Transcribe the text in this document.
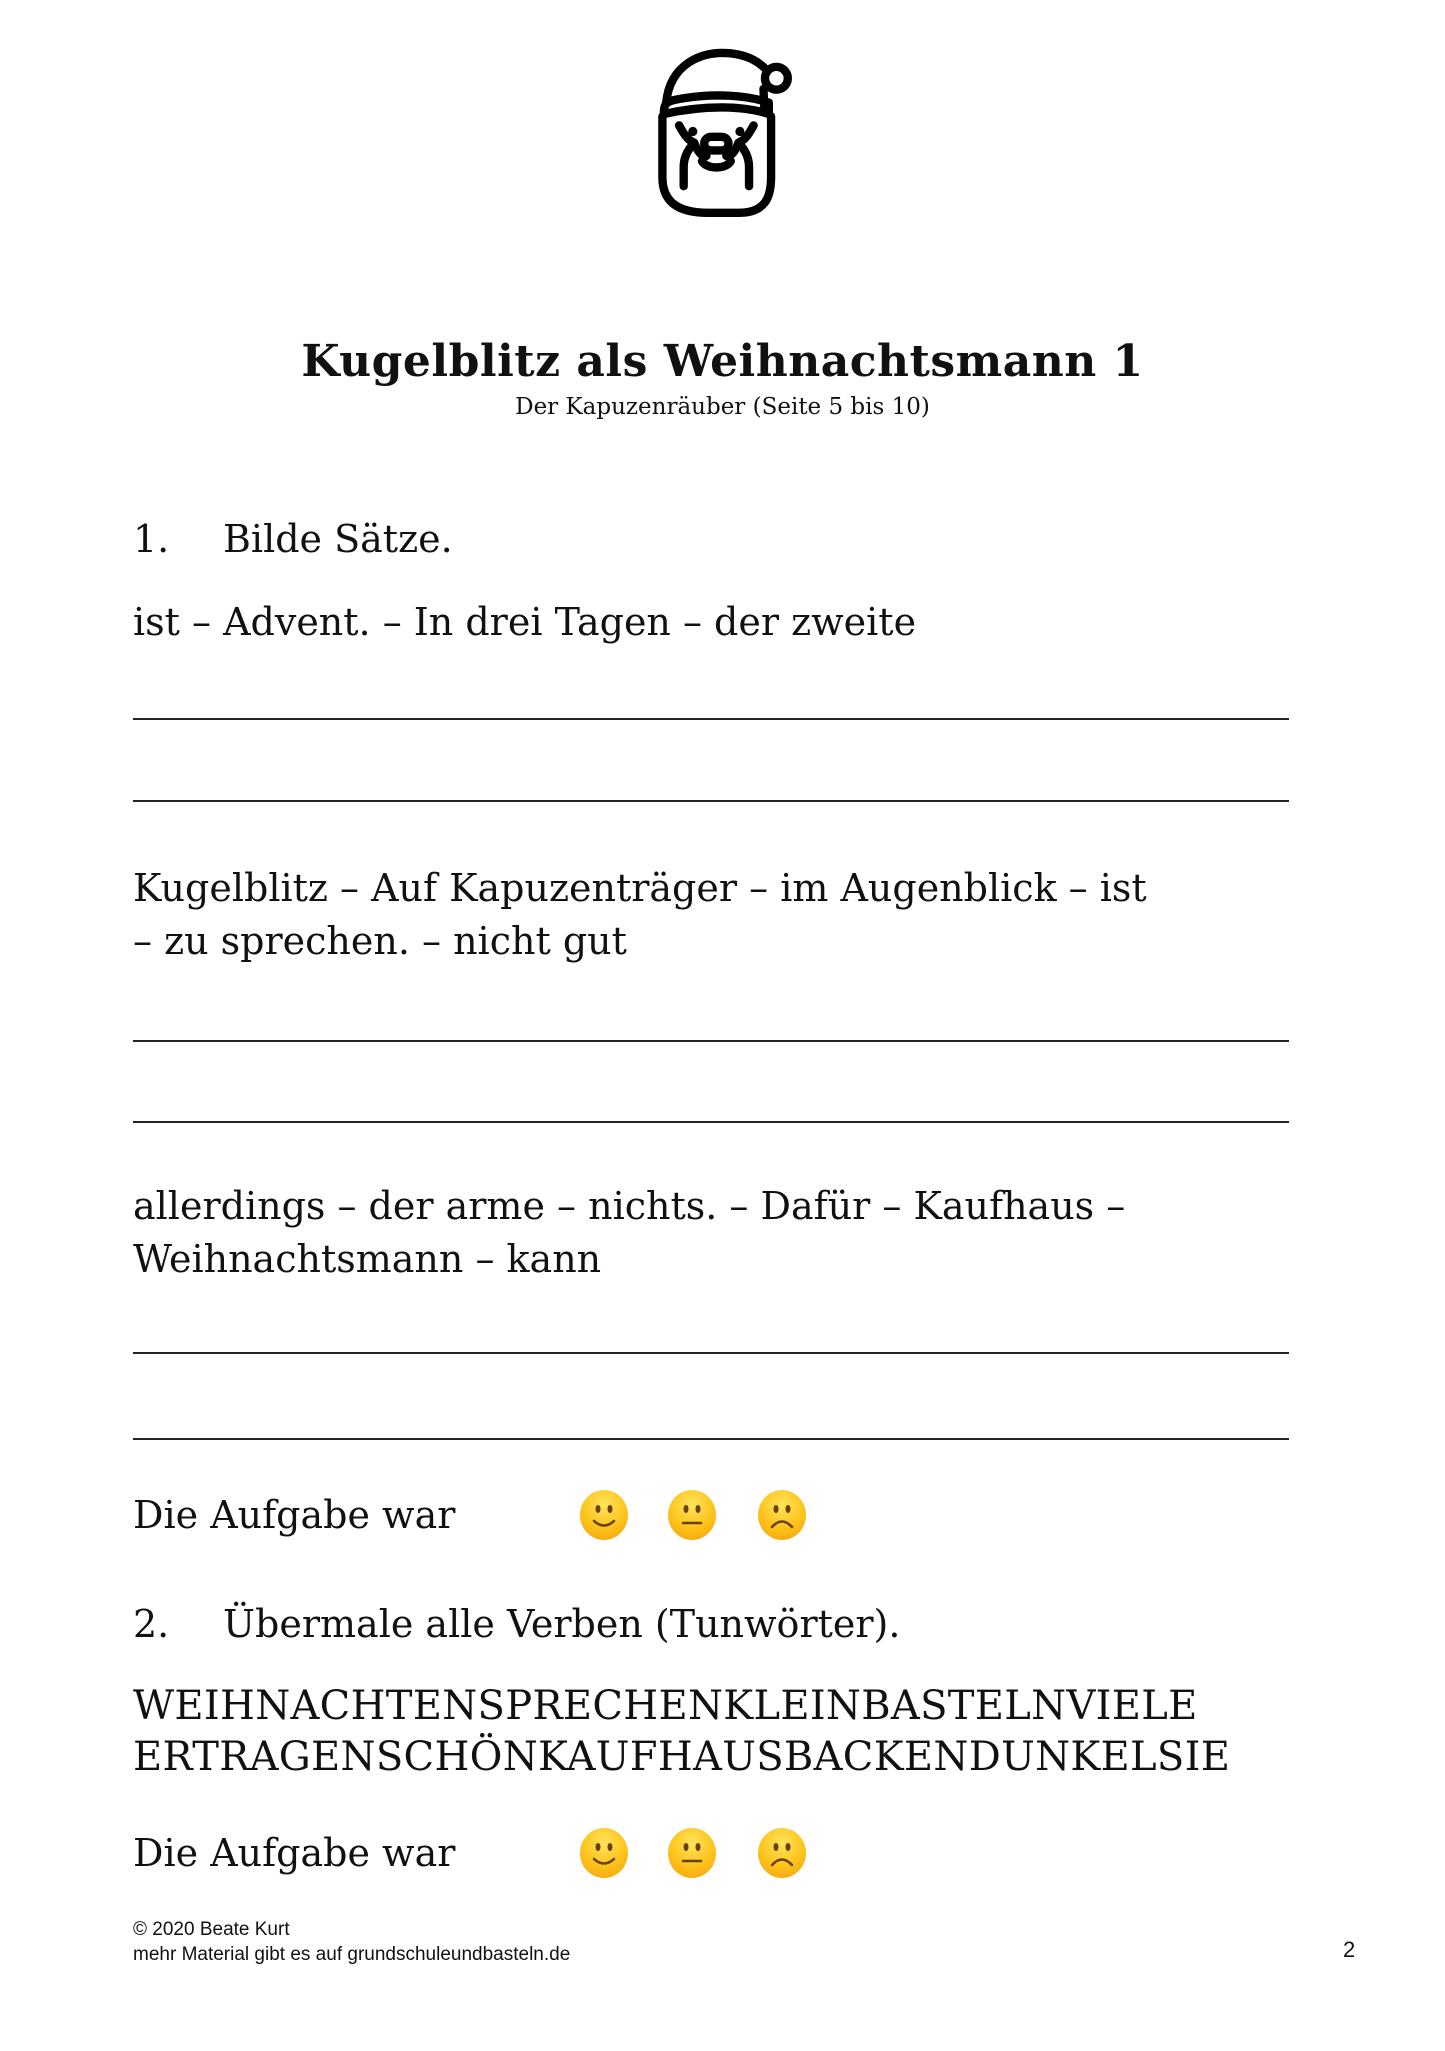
Kugelblitz als Weihnachtsmann 1
Der Kapuzenräuber (Seite 5 bis 10)
1. Bilde Sätze.
ist – Advent. – In drei Tagen – der zweite
Kugelblitz – Auf Kapuzenträger – im Augenblick – ist
– zu sprechen. – nicht gut
allerdings – der arme – nichts. – Dafür – Kaufhaus –
Weihnachtsmann – kann
Die Aufgabe war
2. Übermale alle Verben (Tunwörter).
WEIHNACHTENSPRECHENKLEINBASTELNVIELE
ERTRAGENSCHÖNKAUFHAUSBACKENDUNKELSIE
Die Aufgabe war
© 2020 Beate Kurt
mehr Material gibt es auf grundschuleundbasteln.de	2
